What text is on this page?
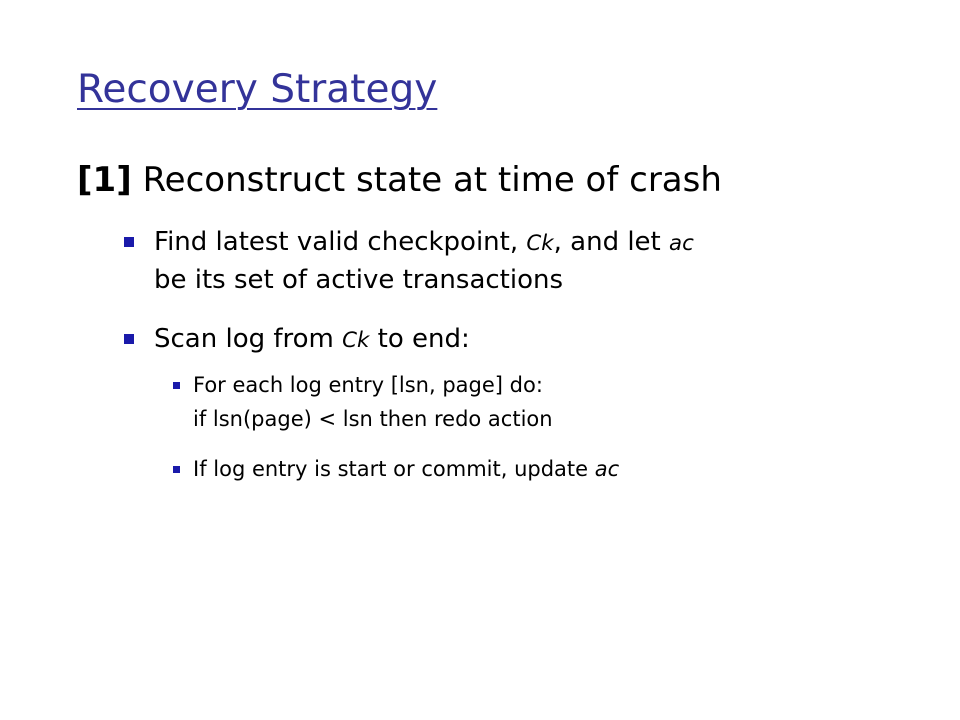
Recovery Strategy
[1] Reconstruct state at time of crash
Find latest valid checkpoint, Ck, and let ac
be its set of active transactions
Scan log from Ck to end:
For each log entry [lsn, page] do:
if lsn(page) < lsn then redo action
If log entry is start or commit, update ac
